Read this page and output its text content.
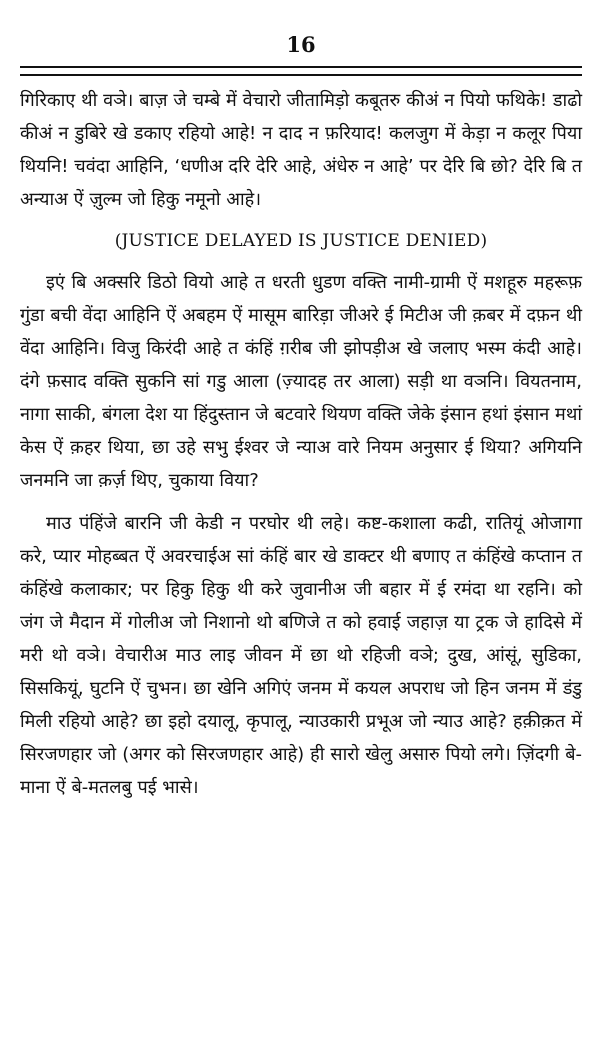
16

गिरिकाए थी वञे। बाज़ जे चम्बे में वेचारो जीतामिड़ो कबूतरु कीअं न पियो फथिके! डाढो कीअं न डुबिरे खे डकाए रहियो आहे! न दाद न फ़रियाद! कलजुग में केड़ा न कलूर पिया थियनि! चवंदा आहिनि, ‘धणीअ दरि देरि आहे, अंधेरु न आहे’ पर देरि बि छो? देरि बि त अन्याअ ऐं ज़ुल्म जो हिकु नमूनो आहे।

(JUSTICE DELAYED IS JUSTICE DENIED)

इएं बि अक्सरि डिठो वियो आहे त धरती धुडण वक्ति नामी-ग्रामी ऐं मशहूरु महरूफ़ गुंडा बची वेंदा आहिनि ऐं अबहम ऐं मासूम बारिड़ा जीअरे ई मिटीअ जी क़बर में दफ़न थी वेंदा आहिनि। विजु किरंदी आहे त कंहिं ग़रीब जी झोपड़ीअ खे जलाए भस्म कंदी आहे। दंगे फ़साद वक्ति सुकनि सां गडु आला (ज़्यादह तर आला) सड़ी था वञनि। वियतनाम, नागा साकी, बंगला देश या हिंदुस्तान जे बटवारे थियण वक्ति जेके इंसान हथां इंसान मथां केस ऐं क़हर थिया, छा उहे सभु ईश्वर जे न्याअ वारे नियम अनुसार ई थिया? अगियनि जनमनि जा क़र्ज़ थिए, चुकाया विया?

माउ पंहिंजे बारनि जी केडी न परघोर थी लहे। कष्ट-कशाला कढी, रातियूं ओजागा करे, प्यार मोहब्बत ऐं अवरचाईअ सां कंहिं बार खे डाक्टर थी बणाए त कंहिंखे कप्तान त कंहिंखे कलाकार; पर हिकु हिकु थी करे जुवानीअ जी बहार में ई रमंदा था रहनि। को जंग जे मैदान में गोलीअ जो निशानो थो बणिजे त को हवाई जहाज़ या ट्रक जे हादिसे में मरी थो वञे। वेचारीअ माउ लाइ जीवन में छा थो रहिजी वञे; दुख, आंसूं, सुडिका, सिसकियूं, घुटनि ऐं चुभन। छा खेनि अगिएं जनम में कयल अपराध जो हिन जनम में डंडु मिली रहियो आहे? छा इहो दयालू, कृपालू, न्याउकारी प्रभूअ जो न्याउ आहे? हक़ीक़त में सिरजणहार जो (अगर को सिरजणहार आहे) ही सारो खेलु असारु पियो लगे। ज़िंदगी बे-माना ऐं बे-मतलबु पई भासे।
